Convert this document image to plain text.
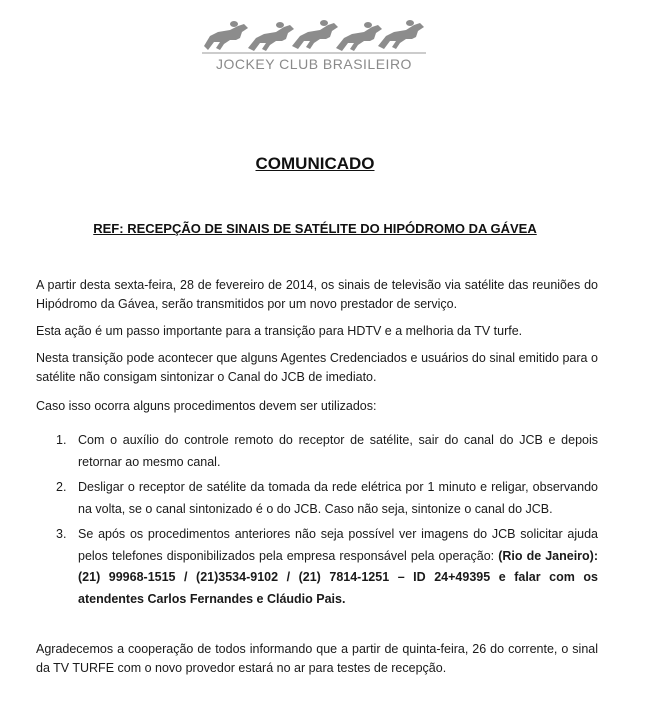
JOCKEY CLUB BRASILEIRO
COMUNICADO
REF: RECEPÇÃO DE SINAIS DE SATÉLITE DO HIPÓDROMO DA GÁVEA

A partir desta sexta-feira, 28 de fevereiro de 2014, os sinais de televisão via satélite das reuniões do Hipódromo da Gávea, serão transmitidos por um novo prestador de serviço.

Esta ação é um passo importante para a transição para HDTV e a melhoria da TV turfe.

Nesta transição pode acontecer que alguns Agentes Credenciados e usuários do sinal emitido para o satélite não consigam sintonizar o Canal do JCB de imediato.

Caso isso ocorra alguns procedimentos devem ser utilizados:

1. Com o auxílio do controle remoto do receptor de satélite, sair do canal do JCB e depois retornar ao mesmo canal.
2. Desligar o receptor de satélite da tomada da rede elétrica por 1 minuto e religar, observando na volta, se o canal sintonizado é o do JCB. Caso não seja, sintonize o canal do JCB.
3. Se após os procedimentos anteriores não seja possível ver imagens do JCB solicitar ajuda pelos telefones disponibilizados pela empresa responsável pela operação: (Rio de Janeiro): (21) 99968-1515 / (21)3534-9102 / (21) 7814-1251 – ID 24+49395 e falar com os atendentes Carlos Fernandes e Cláudio Pais.

Agradecemos a cooperação de todos informando que a partir de quinta-feira, 26 do corrente, o sinal da TV TURFE com o novo provedor estará no ar para testes de recepção.
